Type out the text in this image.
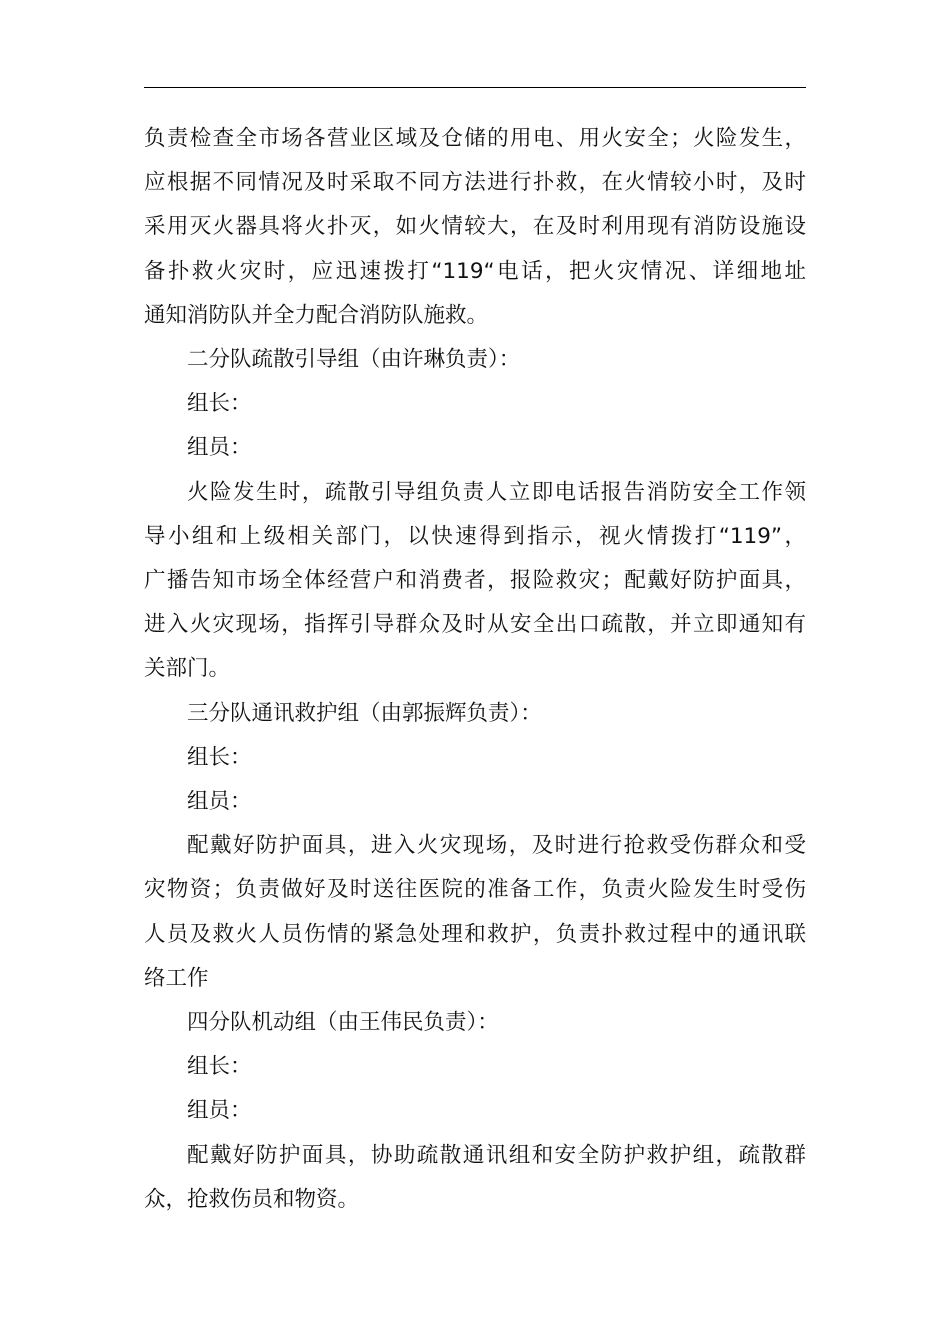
负责检查全市场各营业区域及仓储的用电、用火安全；火险发生，
应根据不同情况及时采取不同方法进行扑救，在火情较小时，及时
采用灭火器具将火扑灭，如火情较大，在及时利用现有消防设施设
备扑救火灾时，应迅速拨打“119“电话，把火灾情况、详细地址
通知消防队并全力配合消防队施救。

二分队疏散引导组（由许琳负责）：

组长：

组员：

火险发生时，疏散引导组负责人立即电话报告消防安全工作领
导小组和上级相关部门，以快速得到指示，视火情拨打“119”，
广播告知市场全体经营户和消费者，报险救灾；配戴好防护面具，
进入火灾现场，指挥引导群众及时从安全出口疏散，并立即通知有
关部门。

三分队通讯救护组（由郭振辉负责）：

组长：

组员：

配戴好防护面具，进入火灾现场，及时进行抢救受伤群众和受
灾物资；负责做好及时送往医院的准备工作，负责火险发生时受伤
人员及救火人员伤情的紧急处理和救护，负责扑救过程中的通讯联
络工作

四分队机动组（由王伟民负责）：

组长：

组员：

配戴好防护面具，协助疏散通讯组和安全防护救护组，疏散群
众，抢救伤员和物资。
